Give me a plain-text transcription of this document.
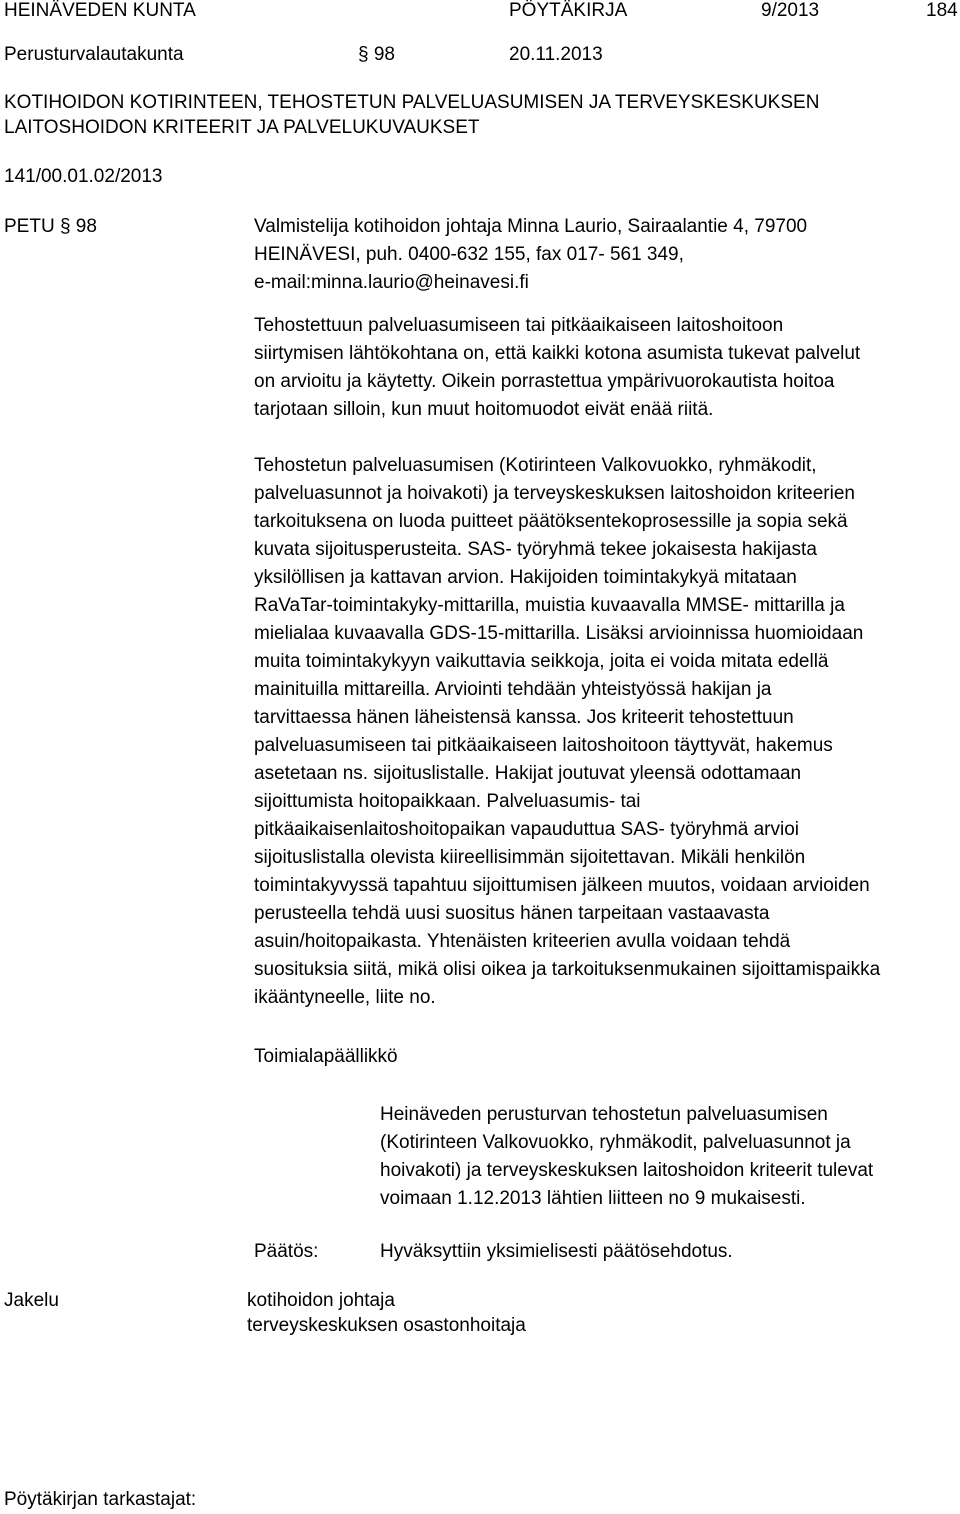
HEINÄVEDEN KUNTA	PÖYTÄKIRJA	9/2013	184
Perusturvalautakunta	§ 98	20.11.2013
KOTIHOIDON KOTIRINTEEN, TEHOSTETUN PALVELUASUMISEN JA TERVEYSKESKUKSEN
LAITOSHOIDON KRITEERIT JA PALVELUKUVAUKSET
141/00.01.02/2013
PETU § 98	Valmistelija kotihoidon johtaja Minna Laurio, Sairaalantie 4, 79700
HEINÄVESI, puh. 0400-632 155, fax 017- 561 349,
e-mail:minna.laurio@heinavesi.fi
Tehostettuun palveluasumiseen tai pitkäaikaiseen laitoshoitoon
siirtymisen lähtökohtana on, että kaikki kotona asumista tukevat palvelut
on arvioitu ja käytetty. Oikein porrastettua ympärivuorokautista hoitoa
tarjotaan silloin, kun muut hoitomuodot eivät enää riitä.
Tehostetun palveluasumisen (Kotirinteen Valkovuokko, ryhmäkodit,
palveluasunnot ja hoivakoti) ja terveyskeskuksen laitoshoidon kriteerien
tarkoituksena on luoda puitteet päätöksentekoprosessille ja sopia sekä
kuvata sijoitusperusteita. SAS- työryhmä tekee jokaisesta hakijasta
yksilöllisen ja kattavan arvion. Hakijoiden toimintakykyä mitataan
RaVaTar-toimintakyky-mittarilla, muistia kuvaavalla MMSE- mittarilla ja
mielialaa kuvaavalla GDS-15-mittarilla. Lisäksi arvioinnissa huomioidaan
muita toimintakykyyn vaikuttavia seikkoja, joita ei voida mitata edellä
mainituilla mittareilla. Arviointi tehdään yhteistyössä hakijan ja
tarvittaessa hänen läheistensä kanssa. Jos kriteerit tehostettuun
palveluasumiseen tai pitkäaikaiseen laitoshoitoon täyttyvät, hakemus
asetetaan ns. sijoituslistalle. Hakijat joutuvat yleensä odottamaan
sijoittumista hoitopaikkaan. Palveluasumis- tai
pitkäaikaisenlaitoshoitopaikan vapauduttua SAS- työryhmä arvioi
sijoituslistalla olevista kiireellisimmän sijoitettavan. Mikäli henkilön
toimintakyvyssä tapahtuu sijoittumisen jälkeen muutos, voidaan arvioiden
perusteella tehdä uusi suositus hänen tarpeitaan vastaavasta
asuin/hoitopaikasta. Yhtenäisten kriteerien avulla voidaan tehdä
suosituksia siitä, mikä olisi oikea ja tarkoituksenmukainen sijoittamispaikka
ikääntyneelle, liite no.
Toimialapäällikkö
Heinäveden perusturvan tehostetun palveluasumisen
(Kotirinteen Valkovuokko, ryhmäkodit, palveluasunnot ja
hoivakoti) ja terveyskeskuksen laitoshoidon kriteerit tulevat
voimaan 1.12.2013 lähtien liitteen no 9 mukaisesti.
Päätös:	Hyväksyttiin yksimielisesti päätösehdotus.
Jakelu	kotihoidon johtaja
terveyskeskuksen osastonhoitaja
Pöytäkirjan tarkastajat:
